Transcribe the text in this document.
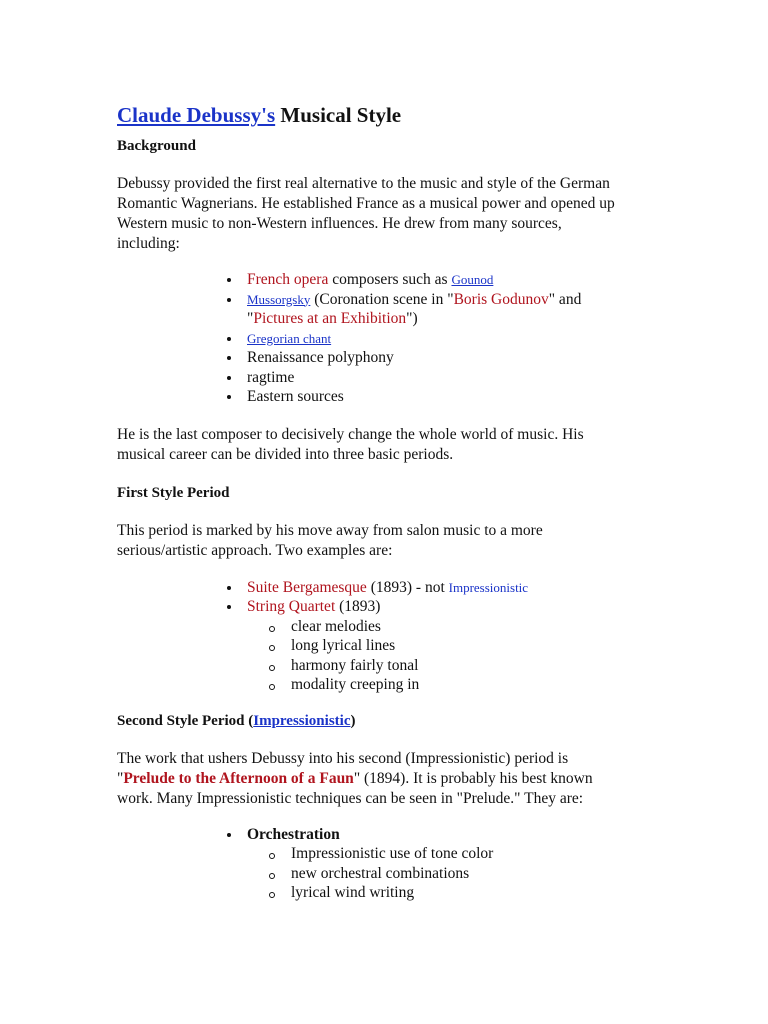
Claude Debussy's Musical Style
Background

Debussy provided the first real alternative to the music and style of the German
Romantic Wagnerians. He established France as a musical power and opened up
Western music to non-Western influences. He drew from many sources,
including:

French opera composers such as Gounod
Mussorgsky (Coronation scene in "Boris Godunov" and
"Pictures at an Exhibition")
Gregorian chant
Renaissance polyphony
ragtime
Eastern sources

He is the last composer to decisively change the whole world of music. His
musical career can be divided into three basic periods.

First Style Period

This period is marked by his move away from salon music to a more
serious/artistic approach. Two examples are:

Suite Bergamesque (1893) - not Impressionistic
String Quartet (1893)
clear melodies
long lyrical lines
harmony fairly tonal
modality creeping in
Second Style Period (Impressionistic)

The work that ushers Debussy into his second (Impressionistic) period is
"Prelude to the Afternoon of a Faun" (1894). It is probably his best known
work. Many Impressionistic techniques can be seen in "Prelude." They are:

Orchestration
Impressionistic use of tone color
new orchestral combinations
lyrical wind writing
